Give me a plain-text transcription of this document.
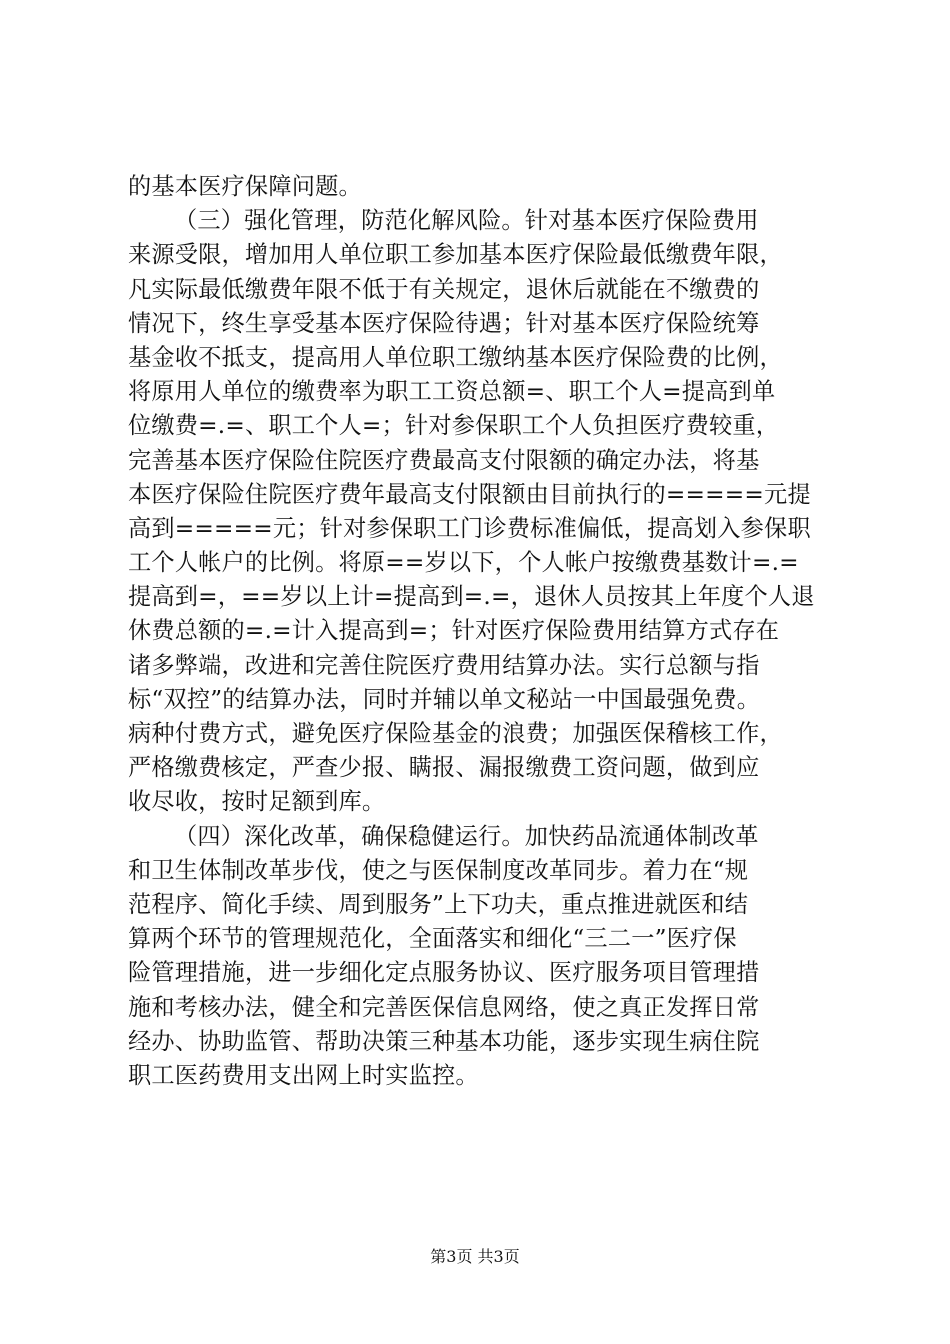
的基本医疗保障问题。
（三）强化管理，防范化解风险。针对基本医疗保险费用
来源受限，增加用人单位职工参加基本医疗保险最低缴费年限，
凡实际最低缴费年限不低于有关规定，退休后就能在不缴费的
情况下，终生享受基本医疗保险待遇；针对基本医疗保险统筹
基金收不抵支，提高用人单位职工缴纳基本医疗保险费的比例，
将原用人单位的缴费率为职工工资总额=、职工个人=提高到单
位缴费=.=、职工个人=；针对参保职工个人负担医疗费较重，
完善基本医疗保险住院医疗费最高支付限额的确定办法，将基
本医疗保险住院医疗费年最高支付限额由目前执行的=====元提
高到=====元；针对参保职工门诊费标准偏低，提高划入参保职
工个人帐户的比例。将原==岁以下，个人帐户按缴费基数计=.=
提高到=，==岁以上计=提高到=.=，退休人员按其上年度个人退
休费总额的=.=计入提高到=；针对医疗保险费用结算方式存在
诸多弊端，改进和完善住院医疗费用结算办法。实行总额与指
标“双控”的结算办法，同时并辅以单文秘站一中国最强免费。
病种付费方式，避免医疗保险基金的浪费；加强医保稽核工作，
严格缴费核定，严查少报、瞒报、漏报缴费工资问题，做到应
收尽收，按时足额到库。
（四）深化改革，确保稳健运行。加快药品流通体制改革
和卫生体制改革步伐，使之与医保制度改革同步。着力在“规
范程序、简化手续、周到服务”上下功夫，重点推进就医和结
算两个环节的管理规范化，全面落实和细化“三二一”医疗保
险管理措施，进一步细化定点服务协议、医疗服务项目管理措
施和考核办法，健全和完善医保信息网络，使之真正发挥日常
经办、协助监管、帮助决策三种基本功能，逐步实现生病住院
职工医药费用支出网上时实监控。
第3页 共3页
